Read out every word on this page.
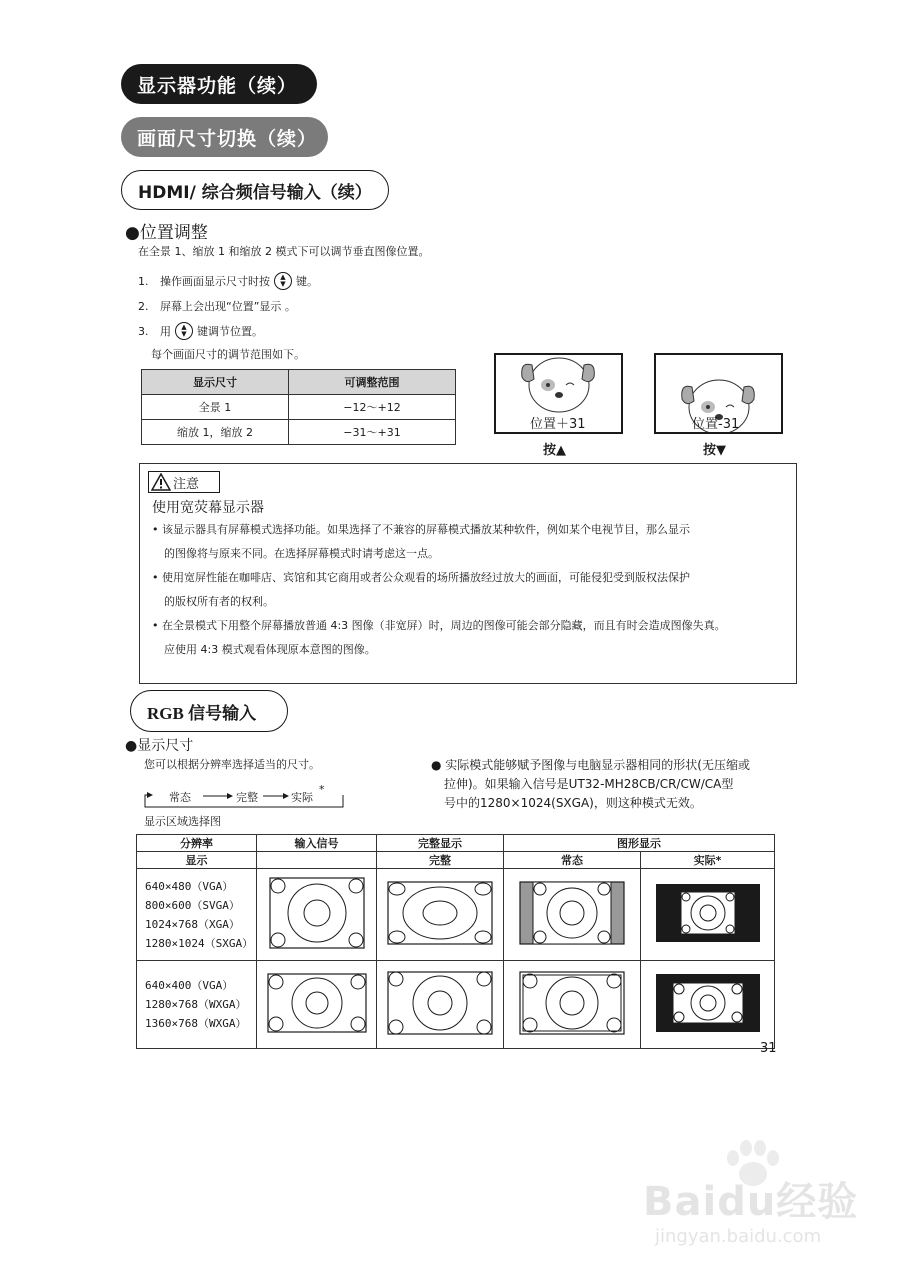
显示器功能（续）
画面尺寸切换（续）
HDMI/ 综合频信号输入（续）
●位置调整
在全景 1、缩放 1 和缩放 2 模式下可以调节垂直图像位置。
1.	操作画面显示尺寸时按 ▲
▼ 键。
2.	屏幕上会出现“位置”显示 。
3.	用 ▲
▼ 键调节位置。
每个画面尺寸的调节范围如下。
显示尺寸	可调整范围
全景 1	−12～+12
缩放 1，缩放 2	−31～+31
位置＋31
按▲
位置-31
按▼
注意
使用宽荧幕显示器

• 该显示器具有屏幕模式选择功能。如果选择了不兼容的屏幕模式播放某种软件，例如某个电视节目，那么显示

的图像将与原来不同。在选择屏幕模式时请考虑这一点。

• 使用宽屏性能在咖啡店、宾馆和其它商用或者公众观看的场所播放经过放大的画面，可能侵犯受到版权法保护

的版权所有者的权利。

• 在全景模式下用整个屏幕播放普通 4:3 图像（非宽屏）时，周边的图像可能会部分隐藏，而且有时会造成图像失真。

应使用 4:3 模式观看体现原本意图的图像。

RGB 信号输入
●显示尺寸
您可以根据分辨率选择适当的尺寸。
常态	完整	实际
*
显示区域选择图
● 实际模式能够赋予图像与电脑显示器相同的形状(无压缩或
拉伸)。如果输入信号是UT32-MH28CB/CR/CW/CA型
号中的1280×1024(SXGA)，则这种模式无效。
分辨率	输入信号	完整显示	图形显示	
显示		完整	常态	实际*

640×480（VGA）
800×600（SVGA）
1024×768（XGA）
1280×1024（SXGA）

640×400（VGA）
1280×768（WXGA）
1360×768（WXGA）

31
Baidu经验
jingyan.baidu.com
